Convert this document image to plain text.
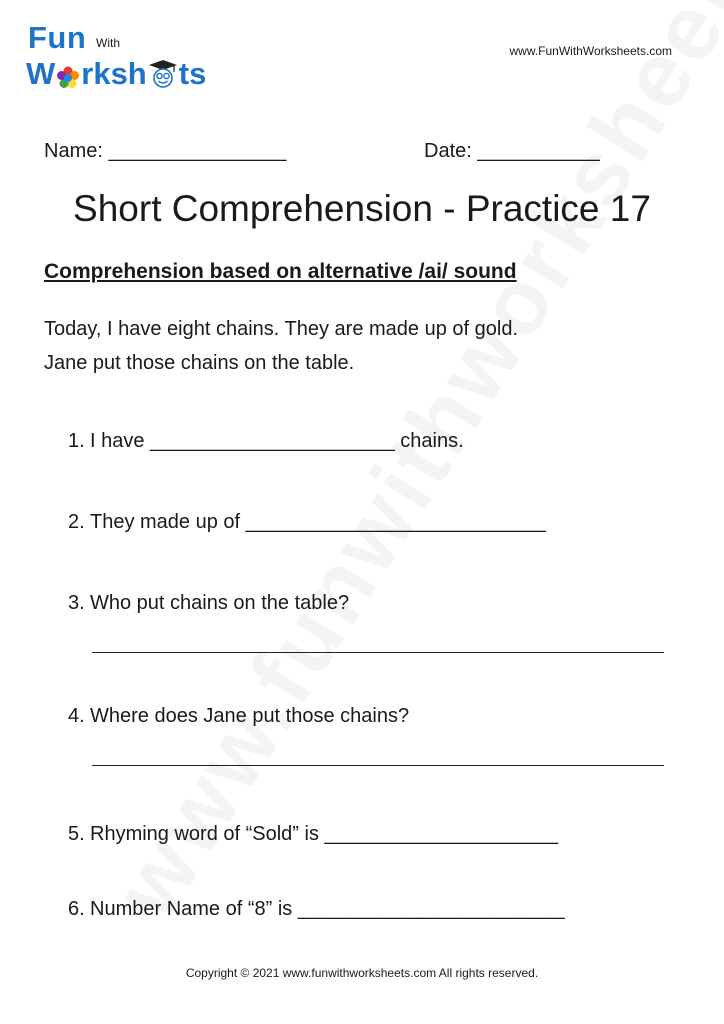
Fun With
W rksh ts
www.FunWithWorksheets.com
Name: ________________	Date: ___________
Short Comprehension - Practice 17
Comprehension based on alternative /ai/ sound

Today, I have eight chains. They are made up of gold.

Jane put those chains on the table.

1. I have ______________________ chains.
2. They made up of ___________________________
3. Who put chains on the table?
4. Where does Jane put those chains?
5. Rhyming word of “Sold” is _____________________
6. Number Name of “8” is ________________________
Copyright © 2021 www.funwithworksheets.com All rights reserved.
